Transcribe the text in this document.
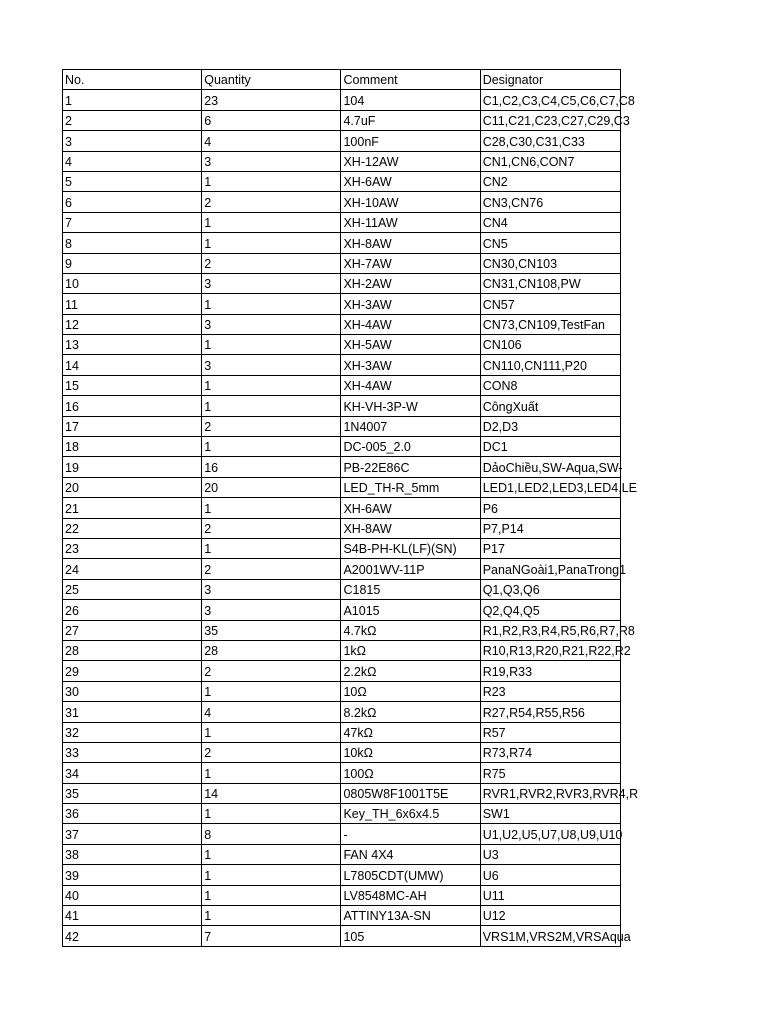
No.	Quantity	Comment	Designator
1	23	104	C1,C2,C3,C4,C5,C6,C7,C8
2	6	4.7uF	C11,C21,C23,C27,C29,C3
3	4	100nF	C28,C30,C31,C33
4	3	XH-12AW	CN1,CN6,CON7
5	1	XH-6AW	CN2
6	2	XH-10AW	CN3,CN76
7	1	XH-11AW	CN4
8	1	XH-8AW	CN5
9	2	XH-7AW	CN30,CN103
10	3	XH-2AW	CN31,CN108,PW
11	1	XH-3AW	CN57
12	3	XH-4AW	CN73,CN109,TestFan
13	1	XH-5AW	CN106
14	3	XH-3AW	CN110,CN111,P20
15	1	XH-4AW	CON8
16	1	KH-VH-3P-W	CôngXuất
17	2	1N4007	D2,D3
18	1	DC-005_2.0	DC1
19	16	PB-22E86C	DảoChiều,SW-Aqua,SW-
20	20	LED_TH-R_5mm	LED1,LED2,LED3,LED4,LE
21	1	XH-6AW	P6
22	2	XH-8AW	P7,P14
23	1	S4B-PH-KL(LF)(SN)	P17
24	2	A2001WV-11P	PanaNGoài1,PanaTrong1
25	3	C1815	Q1,Q3,Q6
26	3	A1015	Q2,Q4,Q5
27	35	4.7kΩ	R1,R2,R3,R4,R5,R6,R7,R8
28	28	1kΩ	R10,R13,R20,R21,R22,R2
29	2	2.2kΩ	R19,R33
30	1	10Ω	R23
31	4	8.2kΩ	R27,R54,R55,R56
32	1	47kΩ	R57
33	2	10kΩ	R73,R74
34	1	100Ω	R75
35	14	0805W8F1001T5E	RVR1,RVR2,RVR3,RVR4,R
36	1	Key_TH_6x6x4.5	SW1
37	8	-	U1,U2,U5,U7,U8,U9,U10
38	1	FAN 4X4	U3
39	1	L7805CDT(UMW)	U6
40	1	LV8548MC-AH	U11
41	1	ATTINY13A-SN	U12
42	7	105	VRS1M,VRS2M,VRSAqua
